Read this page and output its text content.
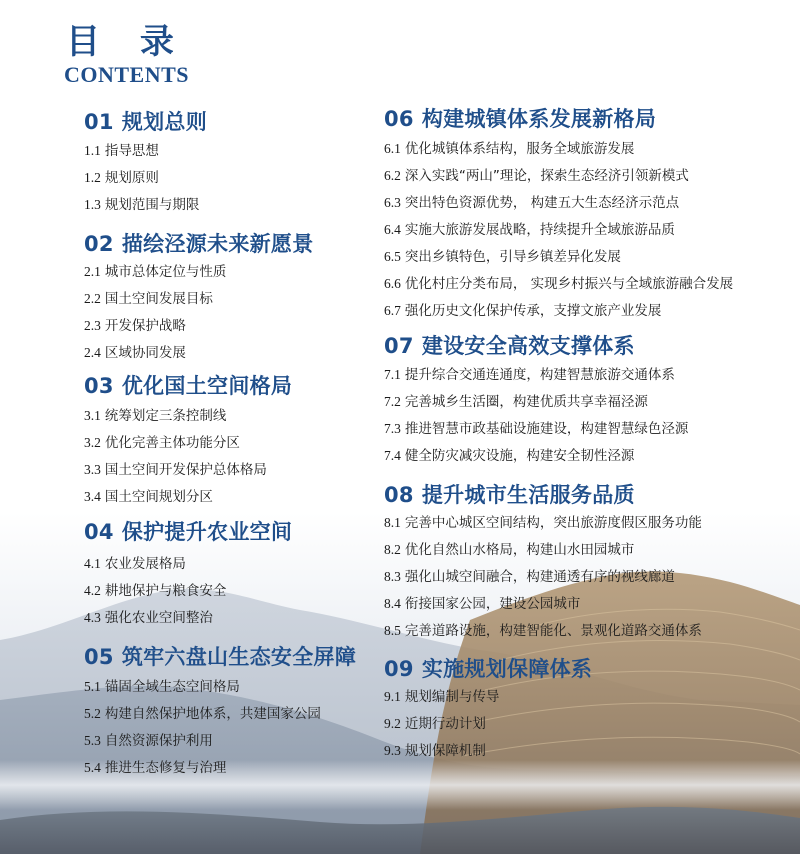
目 录
CONTENTS
01 规划总则
1.1 指导思想
1.2 规划原则
1.3 规划范围与期限
02 描绘泾源未来新愿景
2.1 城市总体定位与性质
2.2 国土空间发展目标
2.3 开发保护战略
2.4 区域协同发展
03 优化国土空间格局
3.1 统筹划定三条控制线
3.2 优化完善主体功能分区
3.3 国土空间开发保护总体格局
3.4 国土空间规划分区
04 保护提升农业空间
4.1 农业发展格局
4.2 耕地保护与粮食安全
4.3 强化农业空间整治
05 筑牢六盘山生态安全屏障
5.1 锚固全域生态空间格局
5.2 构建自然保护地体系，共建国家公园
5.3 自然资源保护利用
5.4 推进生态修复与治理
06 构建城镇体系发展新格局
6.1 优化城镇体系结构，服务全域旅游发展
6.2 深入实践“两山”理论，探索生态经济引领新模式
6.3 突出特色资源优势， 构建五大生态经济示范点
6.4 实施大旅游发展战略，持续提升全域旅游品质
6.5 突出乡镇特色，引导乡镇差异化发展
6.6 优化村庄分类布局， 实现乡村振兴与全域旅游融合发展
6.7 强化历史文化保护传承，支撑文旅产业发展
07 建设安全高效支撑体系
7.1 提升综合交通连通度，构建智慧旅游交通体系
7.2 完善城乡生活圈，构建优质共享幸福泾源
7.3 推进智慧市政基础设施建设，构建智慧绿色泾源
7.4 健全防灾减灾设施，构建安全韧性泾源
08 提升城市生活服务品质
8.1 完善中心城区空间结构，突出旅游度假区服务功能
8.2 优化自然山水格局，构建山水田园城市
8.3 强化山城空间融合，构建通透有序的视线廊道
8.4 衔接国家公园，建设公园城市
8.5 完善道路设施，构建智能化、景观化道路交通体系
09 实施规划保障体系
9.1 规划编制与传导
9.2 近期行动计划
9.3 规划保障机制
